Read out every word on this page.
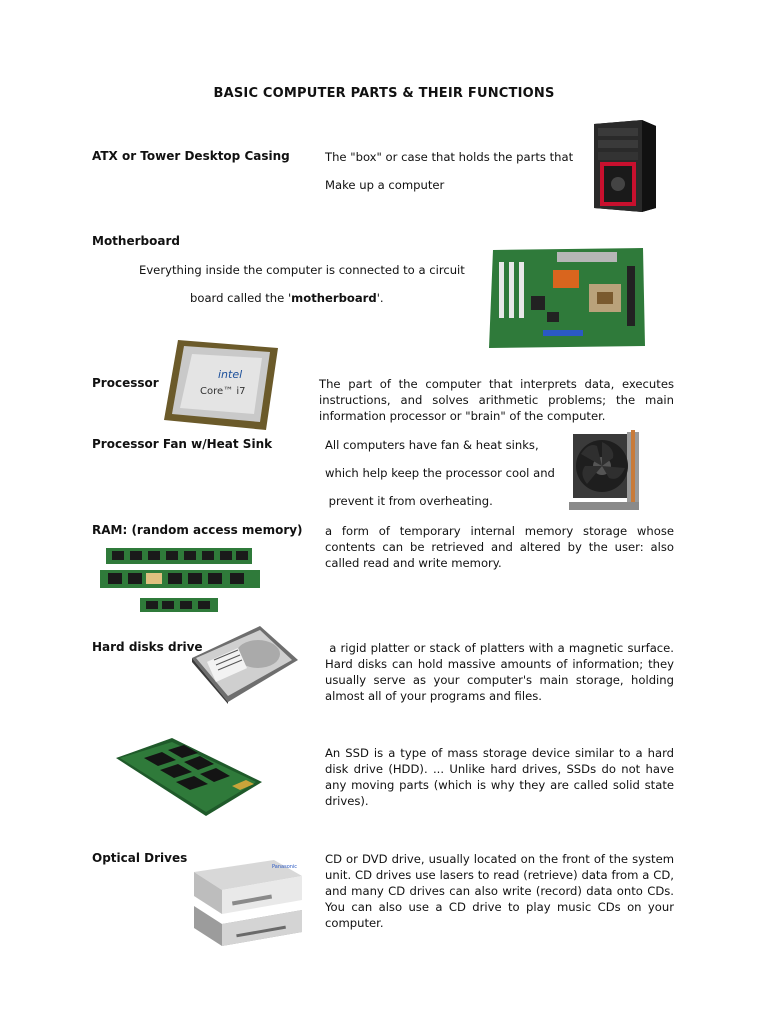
BASIC COMPUTER PARTS & THEIR FUNCTIONS
ATX or Tower Desktop Casing	The "box" or case that holds the parts that
Make up a computer
Motherboard
Everything inside the computer is connected to a circuit
board called the 'motherboard'.
Processor
intel
Core™ i7
The part of the computer that interprets data, executes instructions, and solves arithmetic problems; the main information processor or "brain" of the computer.
Processor Fan w/Heat Sink	All computers have fan & heat sinks,
which help keep the processor cool and
prevent it from overheating.
RAM: (random access memory) a form of temporary internal memory storage whose contents can be retrieved and altered by the user: also called read and write memory.
Hard disks drive	a rigid platter or stack of platters with a magnetic surface. Hard disks can hold massive amounts of information; they usually serve as your computer's main storage, holding almost all of your programs and files.
An SSD is a type of mass storage device similar to a hard disk drive (HDD). ... Unlike hard drives, SSDs do not have any moving parts (which is why they are called solid state drives).
Optical Drives
Panasonic
CD or DVD drive, usually located on the front of the system unit. CD drives use lasers to read (retrieve) data from a CD, and many CD drives can also write (record) data onto CDs. You can also use a CD drive to play music CDs on your computer.
